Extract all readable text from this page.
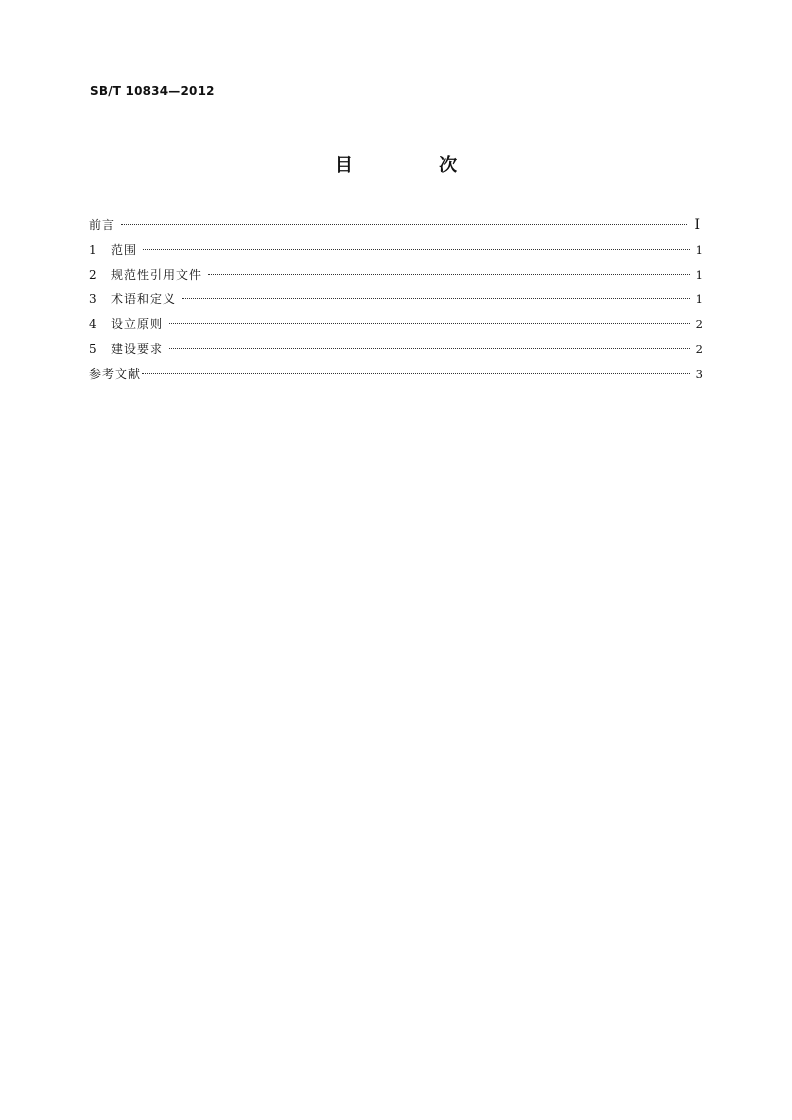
SB/T 10834—2012
目 次
前言	I
1	范围	1
2	规范性引用文件	1
3	术语和定义	1
4	设立原则	2
5	建设要求	2
参考文献	3
